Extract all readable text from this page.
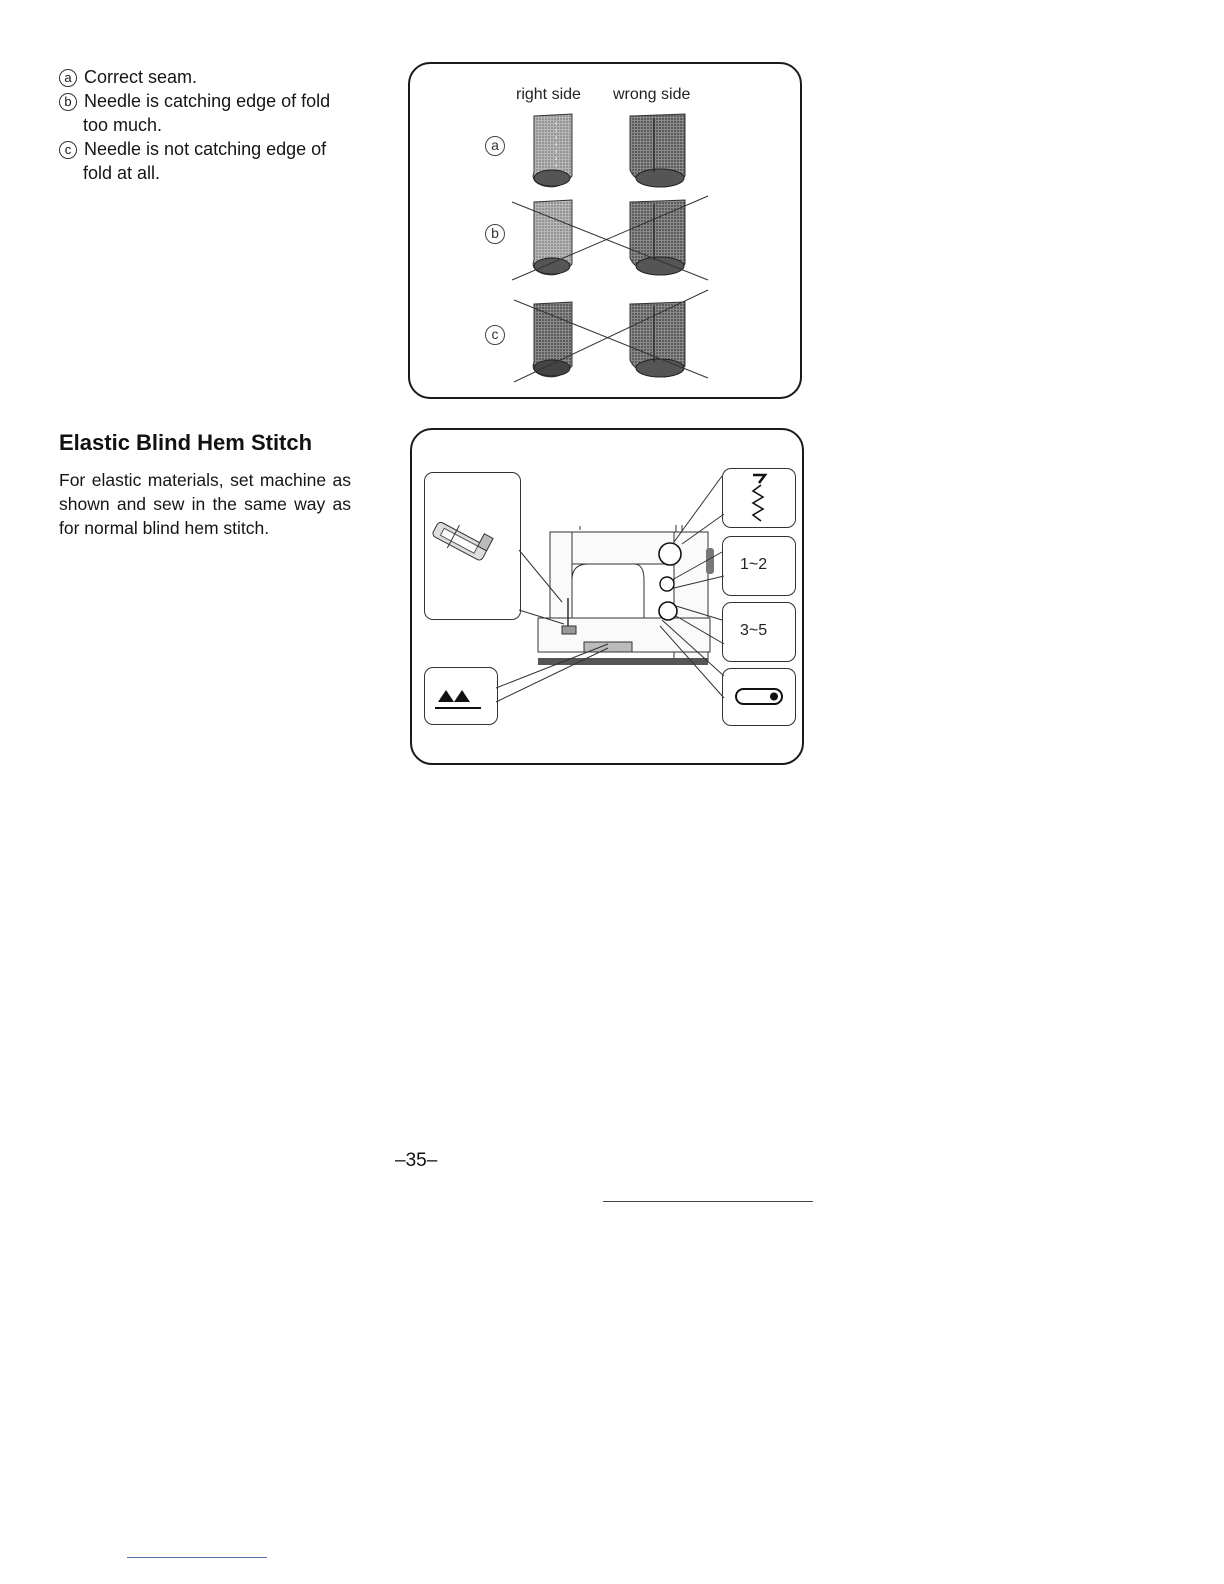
a Correct seam.
b Needle is catching edge of fold
too much.
c Needle is not catching edge of
fold at all.
Elastic Blind Hem Stitch

For elastic materials, set machine as shown and sew in the same way as for normal blind hem stitch.

right side wrong side
a
b
c
1~2
3~5
–35–
